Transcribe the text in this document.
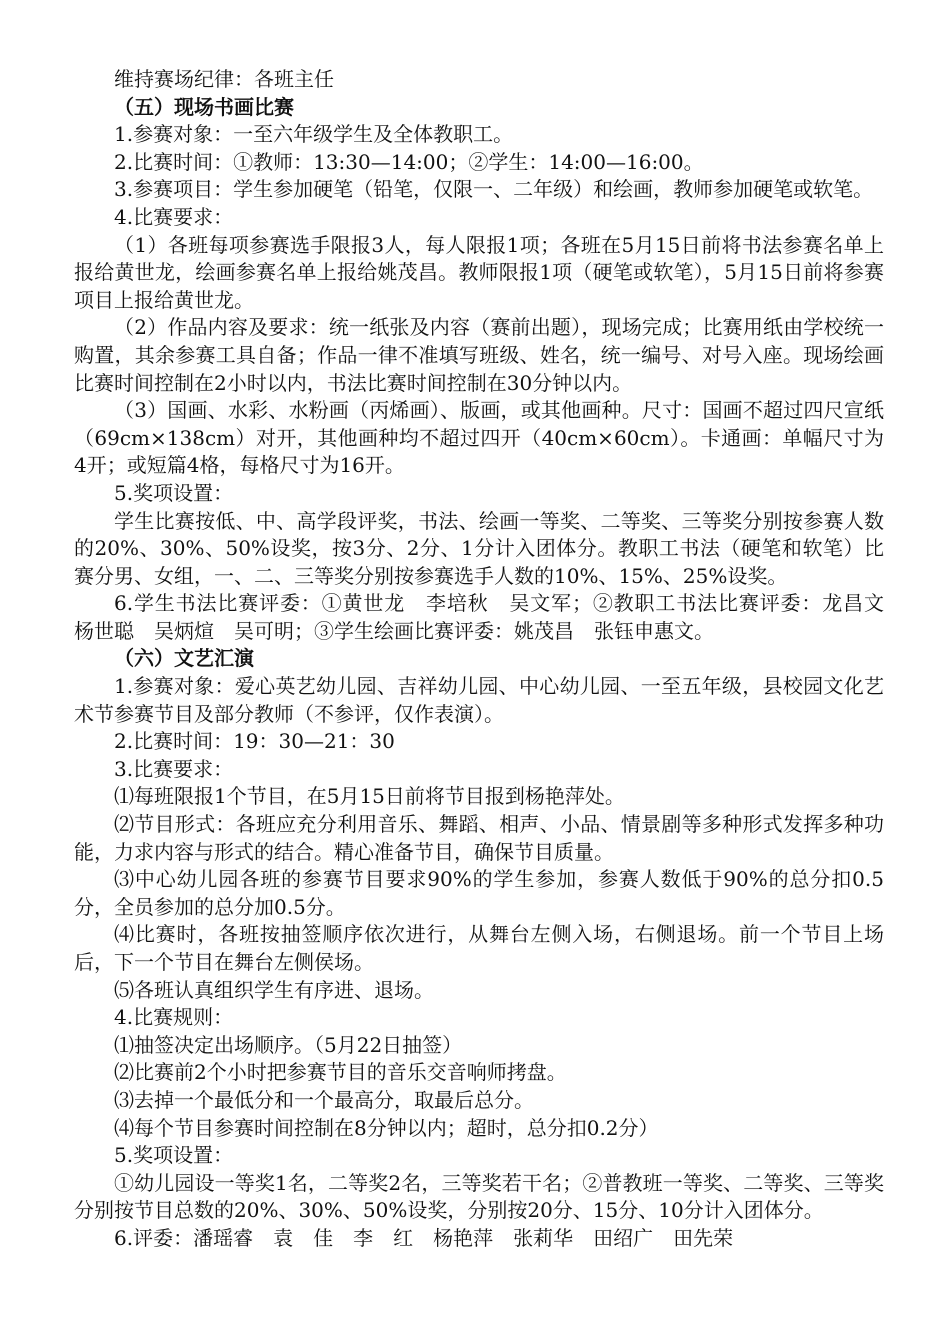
维持赛场纪律：各班主任

（五）现场书画比赛

1.参赛对象：一至六年级学生及全体教职工。

2.比赛时间：①教师：13:30—14:00；②学生：14:00—16:00。

3.参赛项目：学生参加硬笔（铅笔，仅限一、二年级）和绘画，教师参加硬笔或软笔。

4.比赛要求：

（1）各班每项参赛选手限报3人，每人限报1项；各班在5月15日前将书法参赛名单上报给黄世龙，绘画参赛名单上报给姚茂昌。教师限报1项（硬笔或软笔），5月15日前将参赛项目上报给黄世龙。

（2）作品内容及要求：统一纸张及内容（赛前出题），现场完成；比赛用纸由学校统一购置，其余参赛工具自备；作品一律不准填写班级、姓名，统一编号、对号入座。现场绘画比赛时间控制在2小时以内，书法比赛时间控制在30分钟以内。

（3）国画、水彩、水粉画（丙烯画）、版画，或其他画种。尺寸：国画不超过四尺宣纸（69cm×138cm）对开，其他画种均不超过四开（40cm×60cm）。卡通画：单幅尺寸为4开；或短篇4格，每格尺寸为16开。

5.奖项设置：

学生比赛按低、中、高学段评奖，书法、绘画一等奖、二等奖、三等奖分别按参赛人数的20%、30%、50%设奖，按3分、2分、1分计入团体分。教职工书法（硬笔和软笔）比赛分男、女组，一、二、三等奖分别按参赛选手人数的10%、15%、25%设奖。

6.学生书法比赛评委：①黄世龙　李培秋　吴文军；②教职工书法比赛评委：龙昌文　杨世聪　吴炳煊　吴可明；③学生绘画比赛评委：姚茂昌　张钰申惠文。

（六）文艺汇演

1.参赛对象：爱心英艺幼儿园、吉祥幼儿园、中心幼儿园、一至五年级，县校园文化艺术节参赛节目及部分教师（不参评，仅作表演）。

2.比赛时间：19：30—21：30

3.比赛要求：

⑴每班限报1个节目，在5月15日前将节目报到杨艳萍处。

⑵节目形式：各班应充分利用音乐、舞蹈、相声、小品、情景剧等多种形式发挥多种功能，力求内容与形式的结合。精心准备节目，确保节目质量。

⑶中心幼儿园各班的参赛节目要求90%的学生参加，参赛人数低于90%的总分扣0.5分，全员参加的总分加0.5分。

⑷比赛时，各班按抽签顺序依次进行，从舞台左侧入场，右侧退场。前一个节目上场后，下一个节目在舞台左侧侯场。

⑸各班认真组织学生有序进、退场。

4.比赛规则：

⑴抽签决定出场顺序。（5月22日抽签）

⑵比赛前2个小时把参赛节目的音乐交音响师拷盘。

⑶去掉一个最低分和一个最高分，取最后总分。

⑷每个节目参赛时间控制在8分钟以内；超时，总分扣0.2分）

5.奖项设置：

①幼儿园设一等奖1名，二等奖2名，三等奖若干名；②普教班一等奖、二等奖、三等奖分别按节目总数的20%、30%、50%设奖，分别按20分、15分、10分计入团体分。

6.评委：潘瑶睿　袁　佳　李　红　杨艳萍　张莉华　田绍广　田先荣
